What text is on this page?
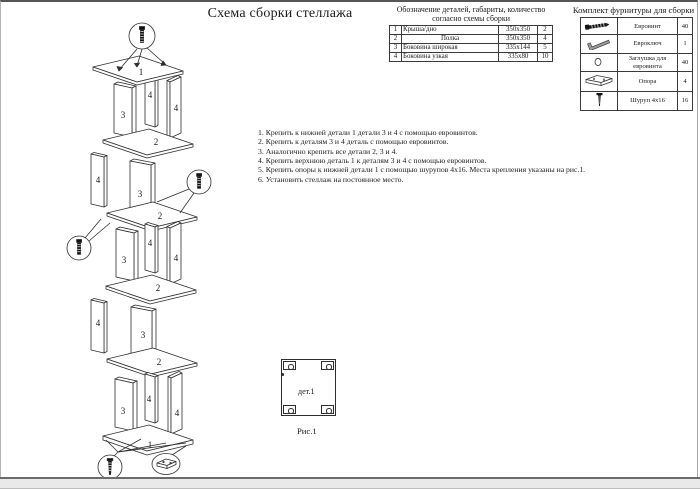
1
3
4
4
2
4
3
2
3
4
4
2
4
3
2
3
4
4
1
Схема сборки стеллажа	Обозначение деталей, габариты, количество
согласно схемы сборки
1	Крыша/дно	350x350	2
2	Полка	350x350	4
3	Боковина широкая	335x144	5
4	Боковина узкая	335x80	10
Комплект фурнитуры для сборки
	Евровинт	40
	Евроключ	1
	Заглушка для евровинта	40
	Опора	4
	Шуруп 4x16	16
1. Крепить к нижней детали 1 детали 3 и 4 с помощью евровинтов.
2. Крепить к деталям 3 и 4 деталь с помощью евровинтов.
3. Аналогично крепить все детали 2, 3 и 4.
4. Крепить верхнюю деталь 1 к деталям 3 и 4 с помощью евровинтов.
5. Крепить опоры к нижней детали 1 с помощью шурупов 4x16. Места крепления указаны на рис.1.
6. Установить стеллаж на постоянное место.
дет.1
Рис.1
